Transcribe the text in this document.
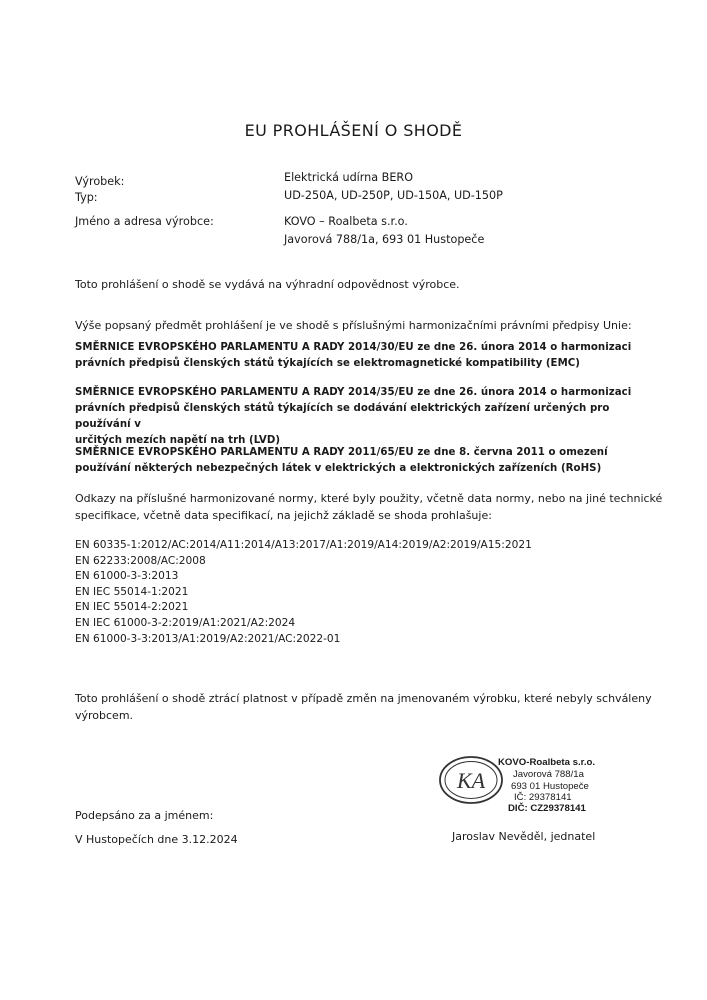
EU PROHLÁŠENÍ O SHODĚ
Výrobek:	Elektrická udírna BERO
Typ:	UD-250A, UD-250P, UD-150A, UD-150P
Jméno a adresa výrobce:	KOVO – Roalbeta s.r.o.
Javorová 788/1a, 693 01 Hustopeče
Toto prohlášení o shodě se vydává na výhradní odpovědnost výrobce.
Výše popsaný předmět prohlášení je ve shodě s příslušnými harmonizačními právními předpisy Unie:
SMĚRNICE EVROPSKÉHO PARLAMENTU A RADY 2014/30/EU ze dne 26. února 2014 o harmonizaci
právních předpisů členských států týkajících se elektromagnetické kompatibility (EMC)
SMĚRNICE EVROPSKÉHO PARLAMENTU A RADY 2014/35/EU ze dne 26. února 2014 o harmonizaci
právních předpisů členských států týkajících se dodávání elektrických zařízení určených pro používání v
určitých mezích napětí na trh (LVD)
SMĚRNICE EVROPSKÉHO PARLAMENTU A RADY 2011/65/EU ze dne 8. června 2011 o omezení
používání některých nebezpečných látek v elektrických a elektronických zařízeních (RoHS)
Odkazy na příslušné harmonizované normy, které byly použity, včetně data normy, nebo na jiné technické
specifikace, včetně data specifikací, na jejichž základě se shoda prohlašuje:
EN 60335-1:2012/AC:2014/A11:2014/A13:2017/A1:2019/A14:2019/A2:2019/A15:2021
EN 62233:2008/AC:2008
EN 61000-3-3:2013
EN IEC 55014-1:2021
EN IEC 55014-2:2021
EN IEC 61000-3-2:2019/A1:2021/A2:2024
EN 61000-3-3:2013/A1:2019/A2:2021/AC:2022-01
Toto prohlášení o shodě ztrácí platnost v případě změn na jmenovaném výrobku, které nebyly schváleny
výrobcem.
KA
KOVO-Roalbeta s.r.o.
Javorová 788/1a
693 01 Hustopeče
IČ: 29378141
DIČ: CZ29378141
Podepsáno za a jménem:
V Hustopečích dne 3.12.2024	Jaroslav Nevěděl, jednatel
